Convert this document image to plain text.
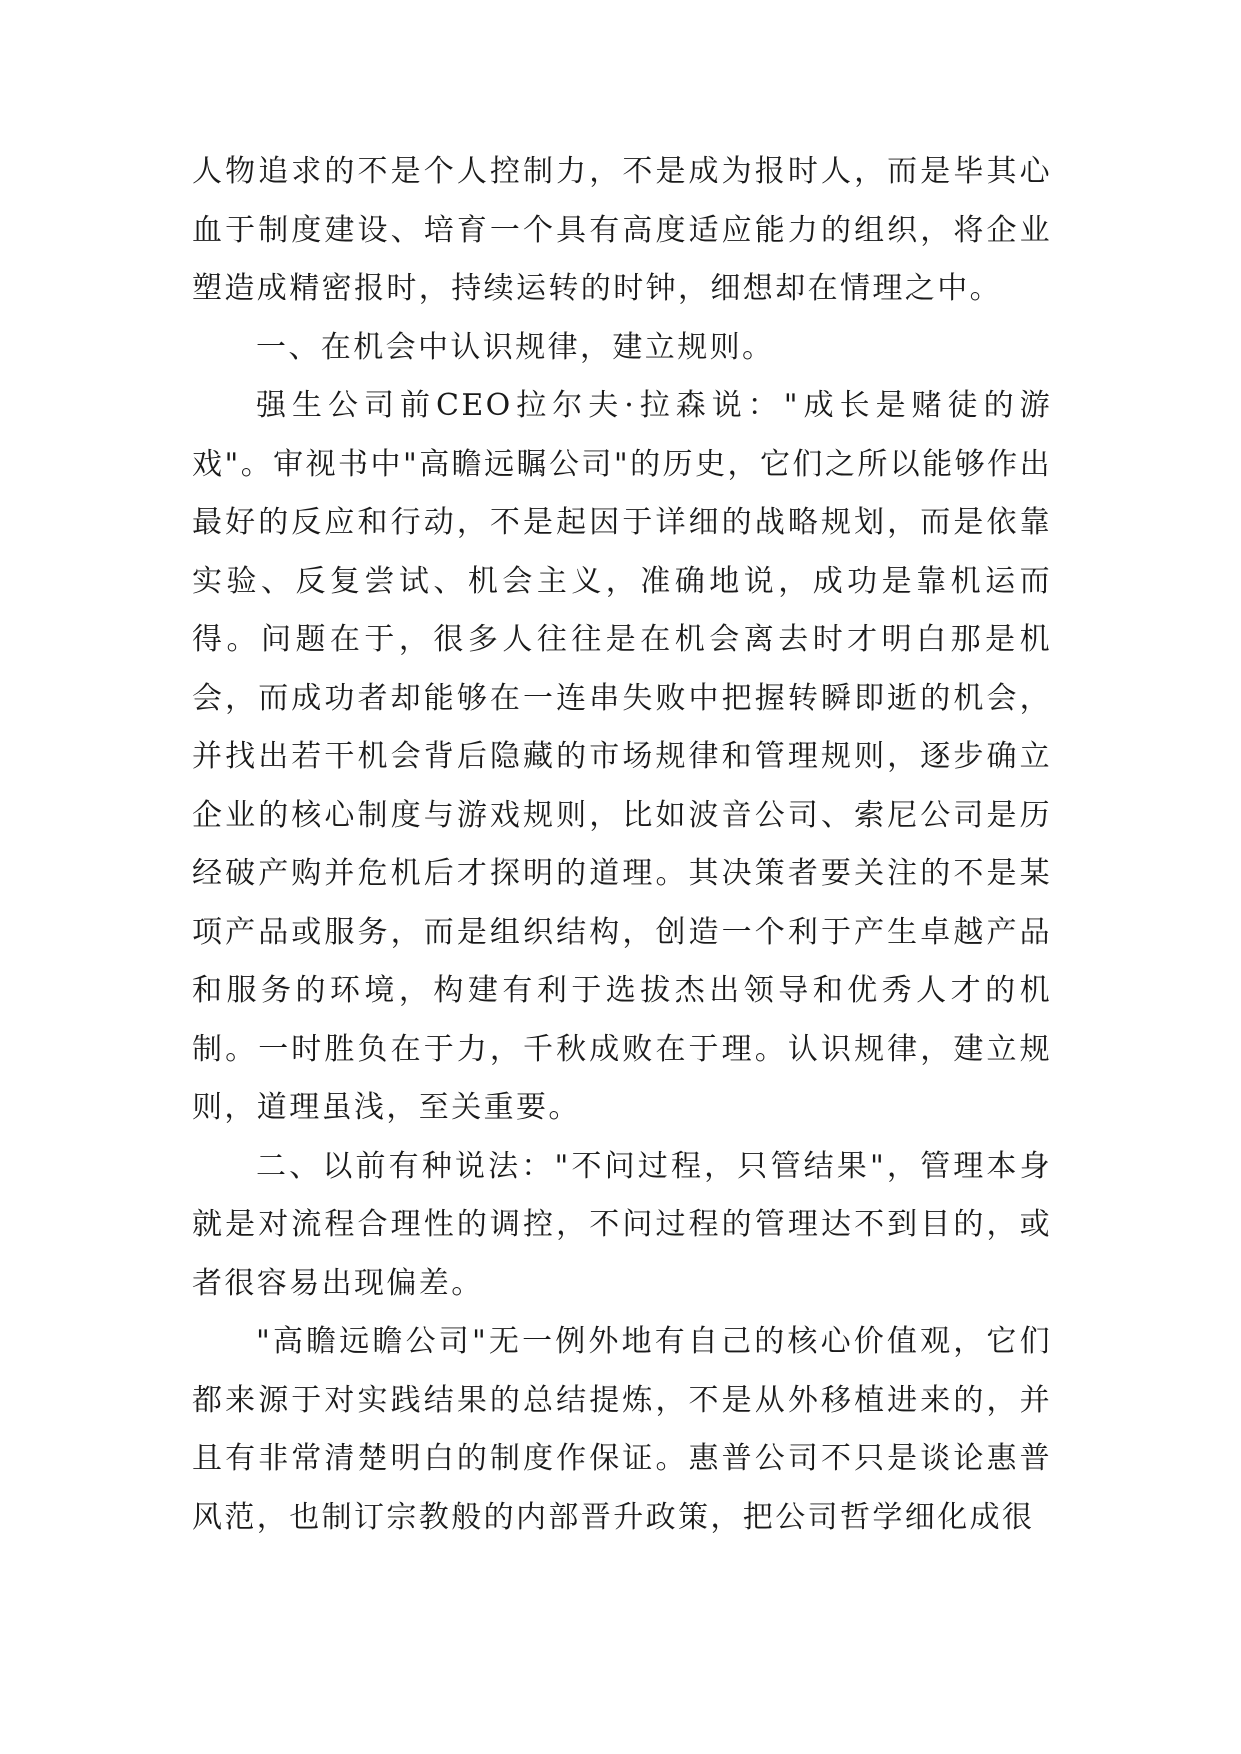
人物追求的不是个人控制力，不是成为报时人，而是毕其心血于制度建设、培育一个具有高度适应能力的组织，将企业塑造成精密报时，持续运转的时钟，细想却在情理之中。

一、在机会中认识规律，建立规则。

强生公司前CEO拉尔夫·拉森说："成长是赌徒的游戏"。审视书中"高瞻远瞩公司"的历史，它们之所以能够作出最好的反应和行动，不是起因于详细的战略规划，而是依靠实验、反复尝试、机会主义，准确地说，成功是靠机运而得。问题在于，很多人往往是在机会离去时才明白那是机会，而成功者却能够在一连串失败中把握转瞬即逝的机会，并找出若干机会背后隐藏的市场规律和管理规则，逐步确立企业的核心制度与游戏规则，比如波音公司、索尼公司是历经破产购并危机后才探明的道理。其决策者要关注的不是某项产品或服务，而是组织结构，创造一个利于产生卓越产品和服务的环境，构建有利于选拔杰出领导和优秀人才的机制。一时胜负在于力，千秋成败在于理。认识规律，建立规则，道理虽浅，至关重要。

二、以前有种说法："不问过程，只管结果"，管理本身就是对流程合理性的调控，不问过程的管理达不到目的，或者很容易出现偏差。

"高瞻远瞻公司"无一例外地有自己的核心价值观，它们都来源于对实践结果的总结提炼，不是从外移植进来的，并且有非常清楚明白的制度作保证。惠普公司不只是谈论惠普风范，也制订宗教般的内部晋升政策，把公司哲学细化成很
